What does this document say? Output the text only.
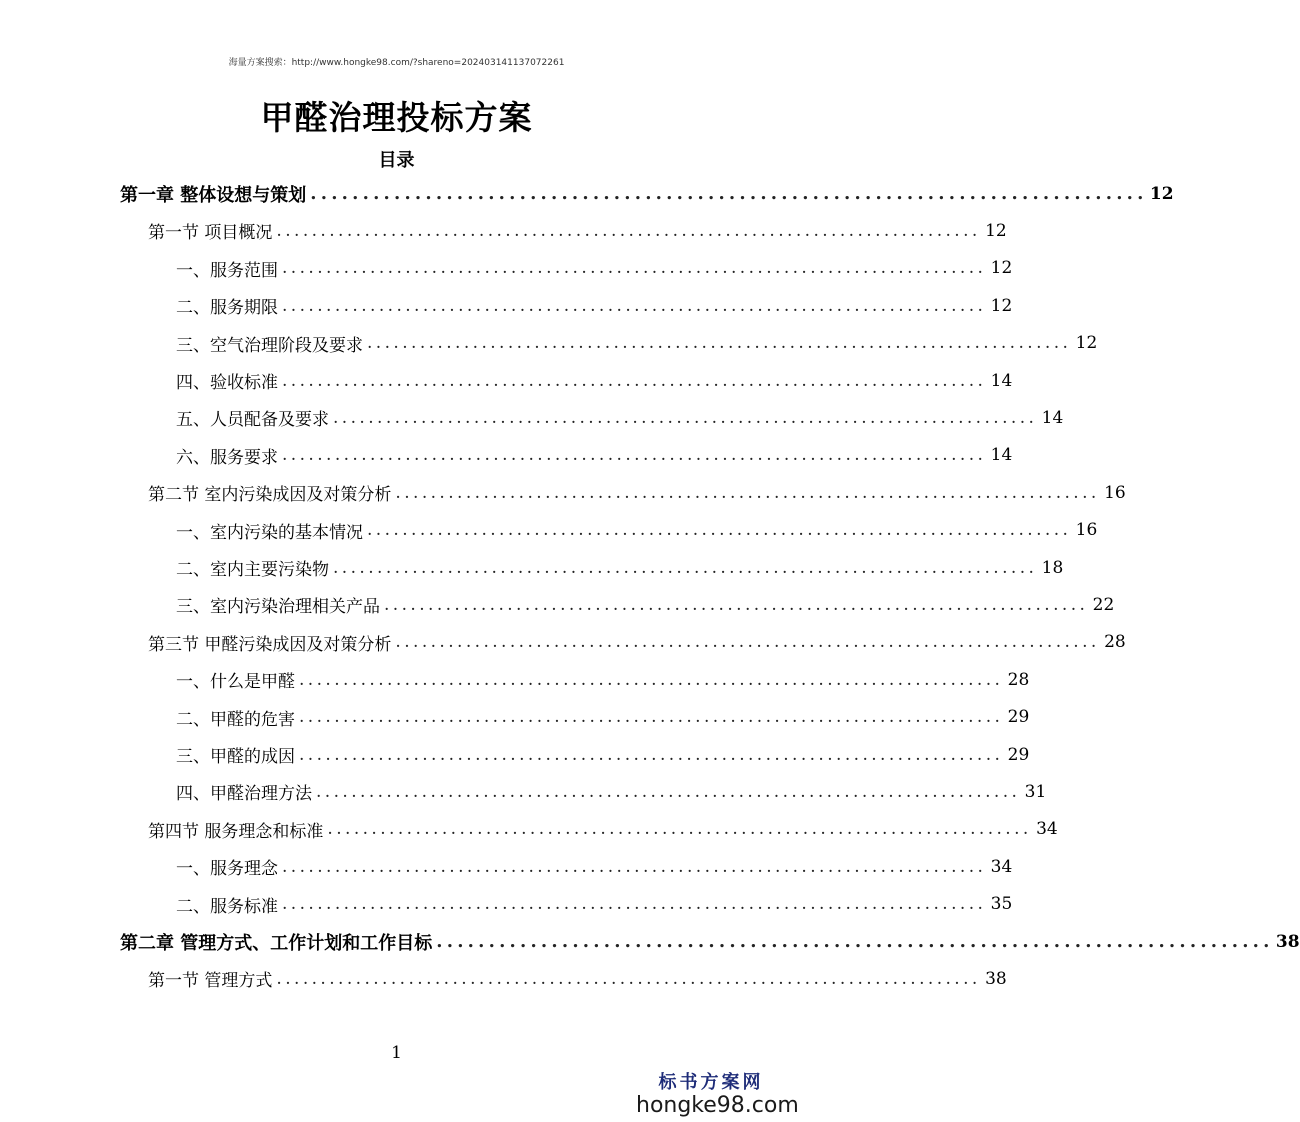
海量方案搜索：http://www.hongke98.com/?shareno=20240314113707226​1
甲醛治理投标方案
目录
第一章 整体设想与策划 ................................................................................ 12
第一节 项目概况 ................................................................................ 12
一、服务范围 ................................................................................ 12
二、服务期限 ................................................................................ 12
三、空气治理阶段及要求 ................................................................................ 12
四、验收标准 ................................................................................ 14
五、人员配备及要求 ................................................................................ 14
六、服务要求 ................................................................................ 14
第二节 室内污染成因及对策分析 ................................................................................ 16
一、室内污染的基本情况 ................................................................................ 16
二、室内主要污染物 ................................................................................ 18
三、室内污染治理相关产品 ................................................................................ 22
第三节 甲醛污染成因及对策分析 ................................................................................ 28
一、什么是甲醛 ................................................................................ 28
二、甲醛的危害 ................................................................................ 29
三、甲醛的成因 ................................................................................ 29
四、甲醛治理方法 ................................................................................ 31
第四节 服务理念和标准 ................................................................................ 34
一、服务理念 ................................................................................ 34
二、服务标准 ................................................................................ 35
第二章 管理方式、工作计划和工作目标 ................................................................................ 38
第一节 管理方式 ................................................................................ 38
1
标书方案网
hongke98.com
